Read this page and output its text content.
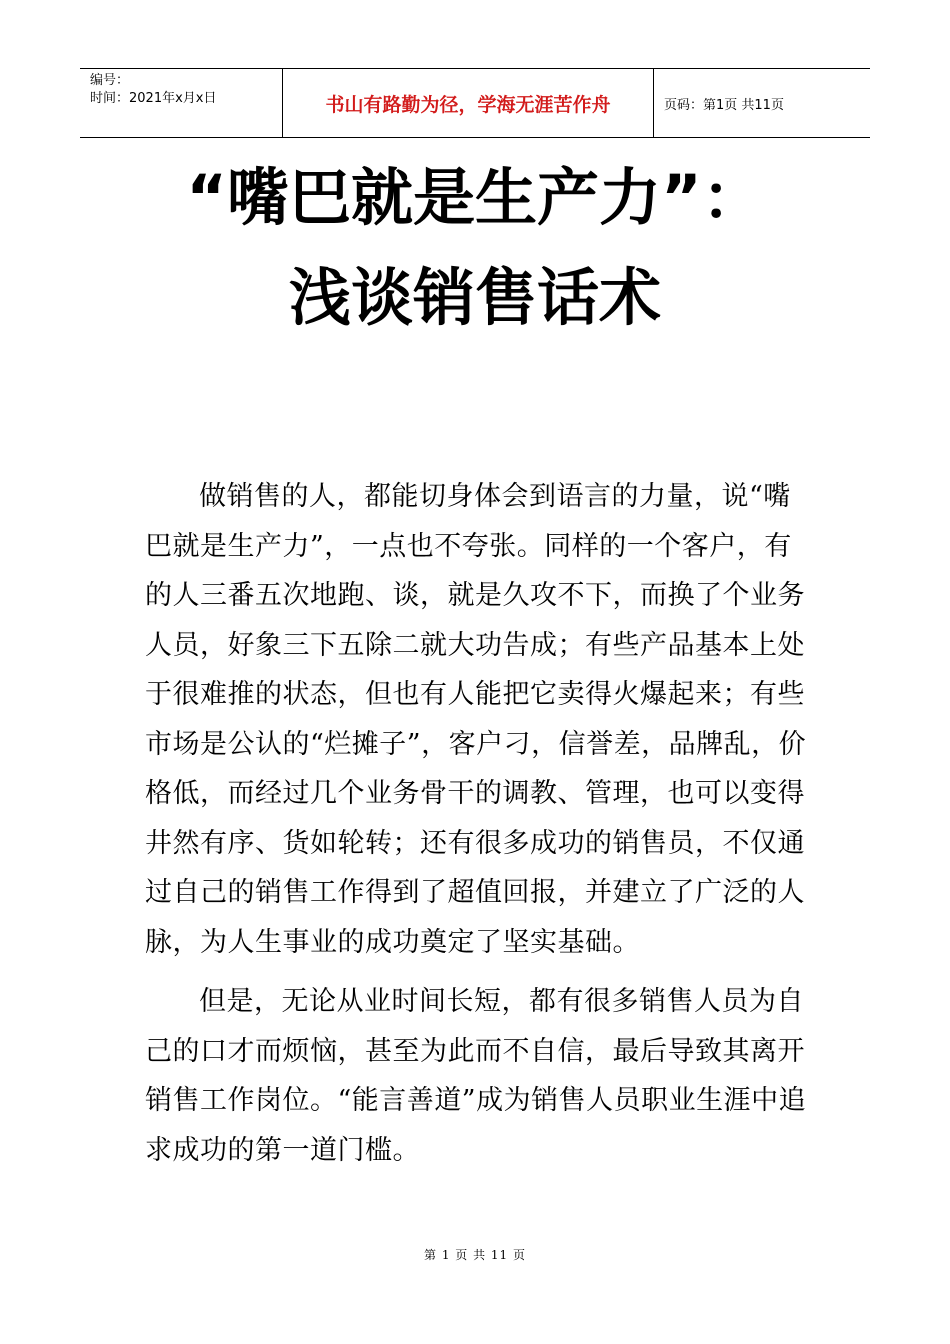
编号：
时间：2021年x月x日	书山有路勤为径，学海无涯苦作舟	页码：第1页 共11页
“嘴巴就是生产力”：
浅谈销售话术

做销售的人，都能切身体会到语言的力量，说“嘴巴就是生产力”，一点也不夸张。同样的一个客户，有的人三番五次地跑、谈，就是久攻不下，而换了个业务人员，好象三下五除二就大功告成；有些产品基本上处于很难推的状态，但也有人能把它卖得火爆起来；有些市场是公认的“烂摊子”，客户刁，信誉差，品牌乱，价格低，而经过几个业务骨干的调教、管理，也可以变得井然有序、货如轮转；还有很多成功的销售员，不仅通过自己的销售工作得到了超值回报，并建立了广泛的人脉，为人生事业的成功奠定了坚实基础。

但是，无论从业时间长短，都有很多销售人员为自己的口才而烦恼，甚至为此而不自信，最后导致其离开销售工作岗位。“能言善道”成为销售人员职业生涯中追求成功的第一道门槛。

第 1 页 共 11 页
